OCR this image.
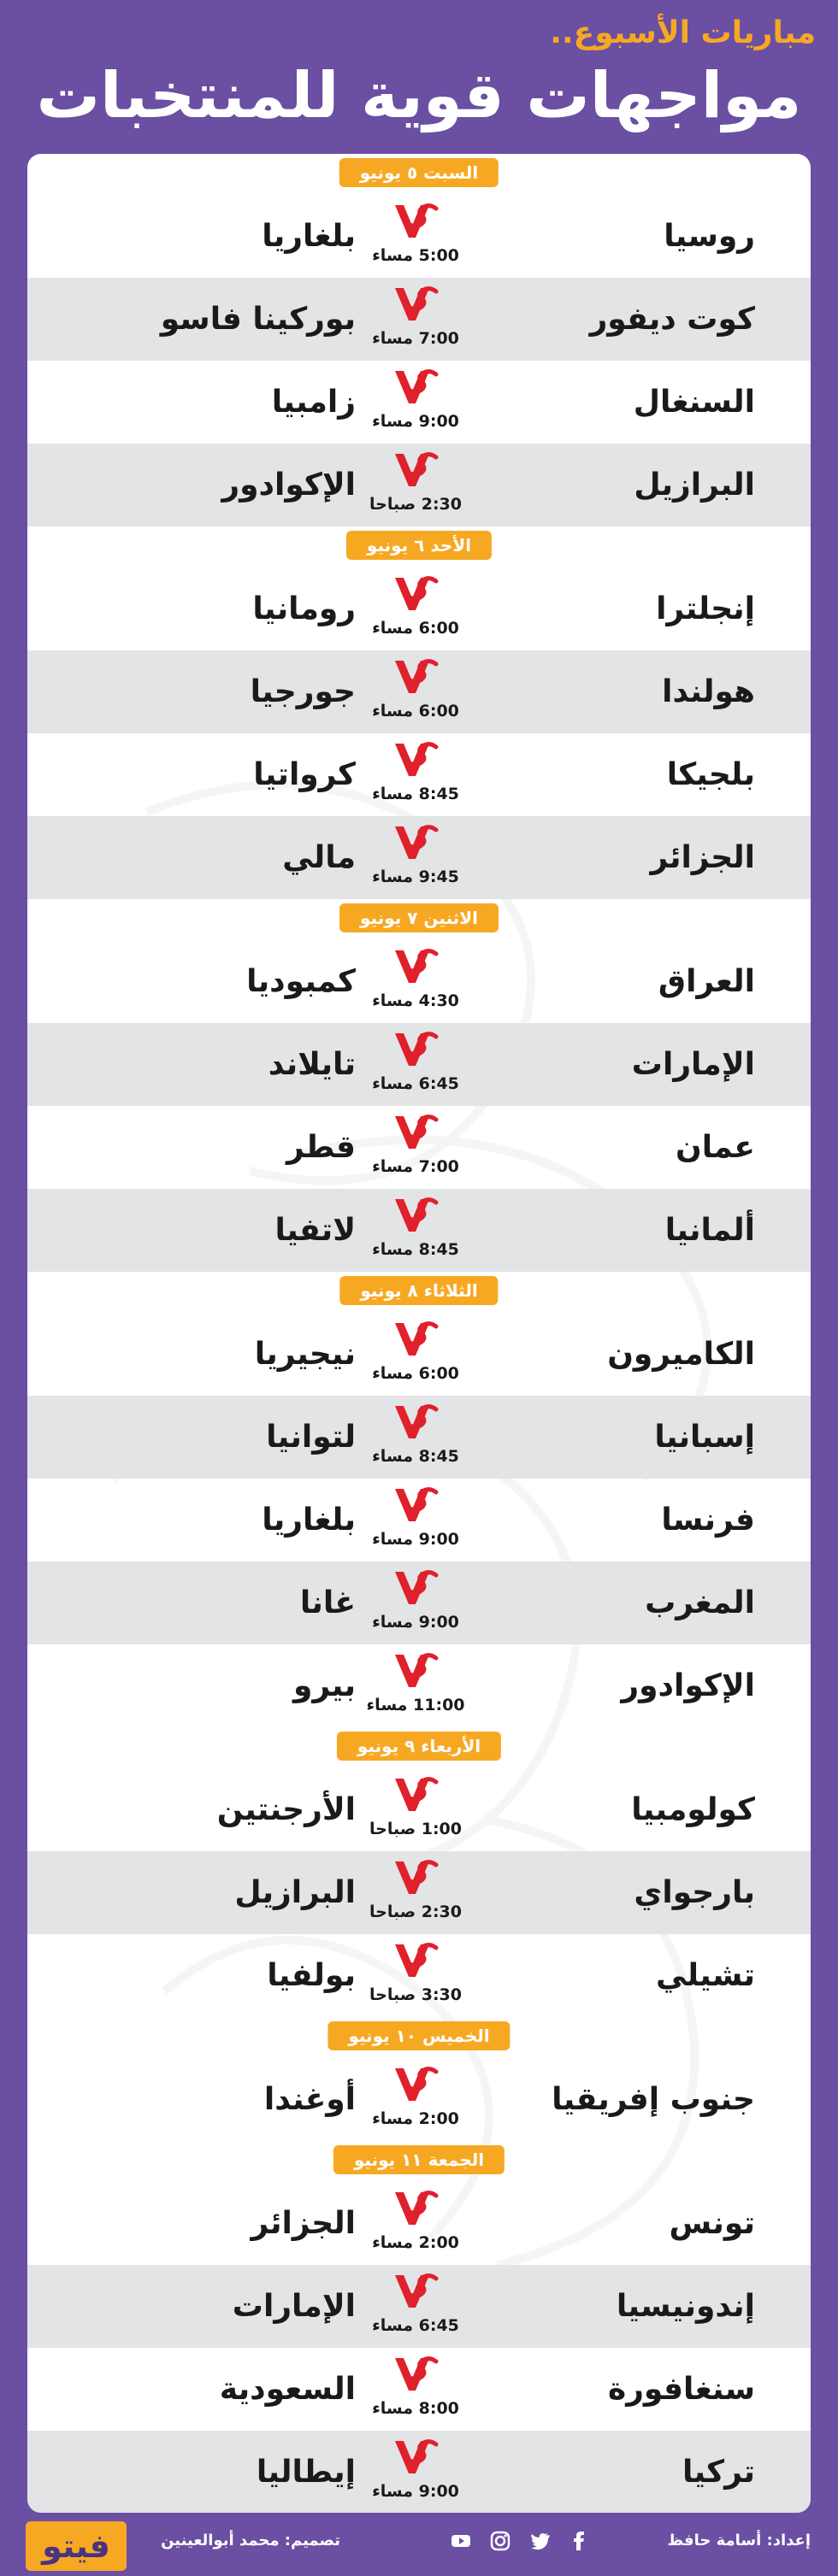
مباريات الأسبوع..
مواجهات قوية للمنتخبات
السبت ٥ يونيو
روسيا
5:00 مساء
بلغاريا
كوت ديفور
7:00 مساء
بوركينا فاسو
السنغال
9:00 مساء
زامبيا
البرازيل
2:30 صباحا
الإكوادور
الأحد ٦ يونيو
إنجلترا
6:00 مساء
رومانيا
هولندا
6:00 مساء
جورجيا
بلجيكا
8:45 مساء
كرواتيا
الجزائر
9:45 مساء
مالي
الاثنين ٧ يونيو
العراق
4:30 مساء
كمبوديا
الإمارات
6:45 مساء
تايلاند
عمان
7:00 مساء
قطر
ألمانيا
8:45 مساء
لاتفيا
الثلاثاء ٨ يونيو
الكاميرون
6:00 مساء
نيجيريا
إسبانيا
8:45 مساء
لتوانيا
فرنسا
9:00 مساء
بلغاريا
المغرب
9:00 مساء
غانا
الإكوادور
11:00 مساء
بيرو
الأربعاء ٩ يونيو
كولومبيا
1:00 صباحا
الأرجنتين
بارجواي
2:30 صباحا
البرازيل
تشيلي
3:30 صباحا
بولفيا
الخميس ١٠ يونيو
جنوب إفريقيا
2:00 مساء
أوغندا
الجمعة ١١ يونيو
تونس
2:00 مساء
الجزائر
إندونيسيا
6:45 مساء
الإمارات
سنغافورة
8:00 مساء
السعودية
تركيا
9:00 مساء
إيطاليا
فيتو	تصميم: محمد أبوالعينين	إعداد: أسامة حافظ
